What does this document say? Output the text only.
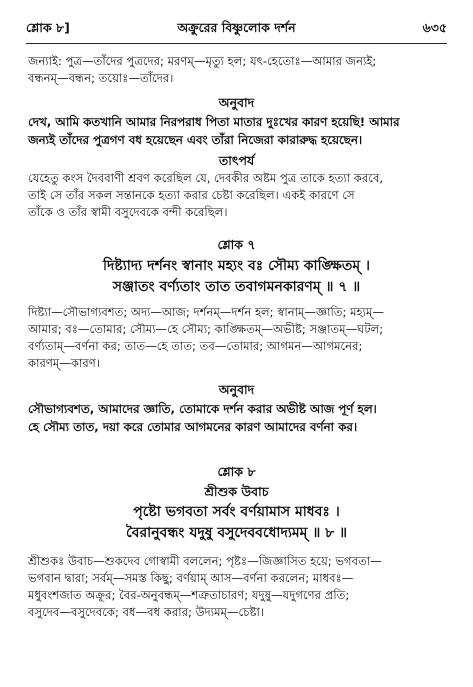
শ্লোক ৮]	অক্রুরের বিষ্ণুলোক দর্শন	৬৩৫
জন্যাই: পুত্র—তাঁদের পুত্রদের; মরণম্—মৃত্যু হল; যৎ-হেতোঃ—আমার জন্যই;
বন্ধনম্—বন্ধন; তয়োঃ—তাঁদের।
অনুবাদ
দেখ, আমি কতখানি আমার নিরপরাধ পিতা মাতার দুঃখের কারণ হয়েছি! আমার
জন্যই তাঁদের পুত্রগণ বধ হয়েছেন এবং তাঁরা নিজেরা কারারুদ্ধ হয়েছেন।
তাৎপর্য
যেহেতু কংস দৈববাণী শ্রবণ করেছিল যে, দেবকীর অষ্টম পুত্র তাকে হত্যা করবে,
তাই সে তাঁর সকল সন্তানকে হত্যা করার চেষ্টা করেছিল। একই কারণে সে
তাঁকে ও তাঁর স্বামী বসুদেবকে বন্দী করেছিল।
শ্লোক ৭
দিষ্ট্যাদ্য দর্শনং স্বানাং মহ্যং বঃ সৌম্য কাঙ্ক্ষিতম্ ।
সঞ্জাতং বর্ণ্যতাং তাত তবাগমনকারণম্ ॥ ৭ ॥
দিষ্ট্যা—সৌভাগ্যবশত; অদ্য—আজ; দর্শনম্—দর্শন হল; স্বানাম্—জ্ঞাতি; মহ্যম্—
আমার; বঃ—তোমার; সৌম্য—হে সৌম্য; কাঙ্ক্ষিতম্—অভীষ্ট; সঞ্জাতম্—ঘটল;
বর্ণ্যতাম্—বর্ণনা কর; তাত—হে তাত; তব—তোমার; আগমন—আগমনের;
কারণম্—কারণ।
অনুবাদ
সৌভাগ্যবশত, আমাদের জ্ঞাতি, তোমাকে দর্শন করার অভীষ্ট আজ পূর্ণ হল।
হে সৌম্য তাত, দয়া করে তোমার আগমনের কারণ আমাদের বর্ণনা কর।
শ্লোক ৮
শ্রীশুক উবাচ
পৃষ্টো ভগবতা সর্বং বর্ণয়ামাস মাধবঃ ।
বৈরানুবন্ধং যদুষু বসুদেববধোদ্যমম্ ॥ ৮ ॥
শ্রীশুকঃ উবাচ—শুকদেব গোস্বামী বললেন; পৃষ্টঃ—জিজ্ঞাসিত হয়ে; ভগবতা—
ভগবান দ্বারা; সর্বম্—সমস্ত কিছু; বর্ণয়াম্ আস—বর্ণনা করলেন; মাধবঃ—
মধুবংশজাত অক্রূর; বৈর-অনুবন্ধম্—শত্রুতাচারণ; যদুষু—যদুগণের প্রতি;
বসুদেব—বসুদেবকে; বধ—বধ করার; উদ্যমম্—চেষ্টা।
